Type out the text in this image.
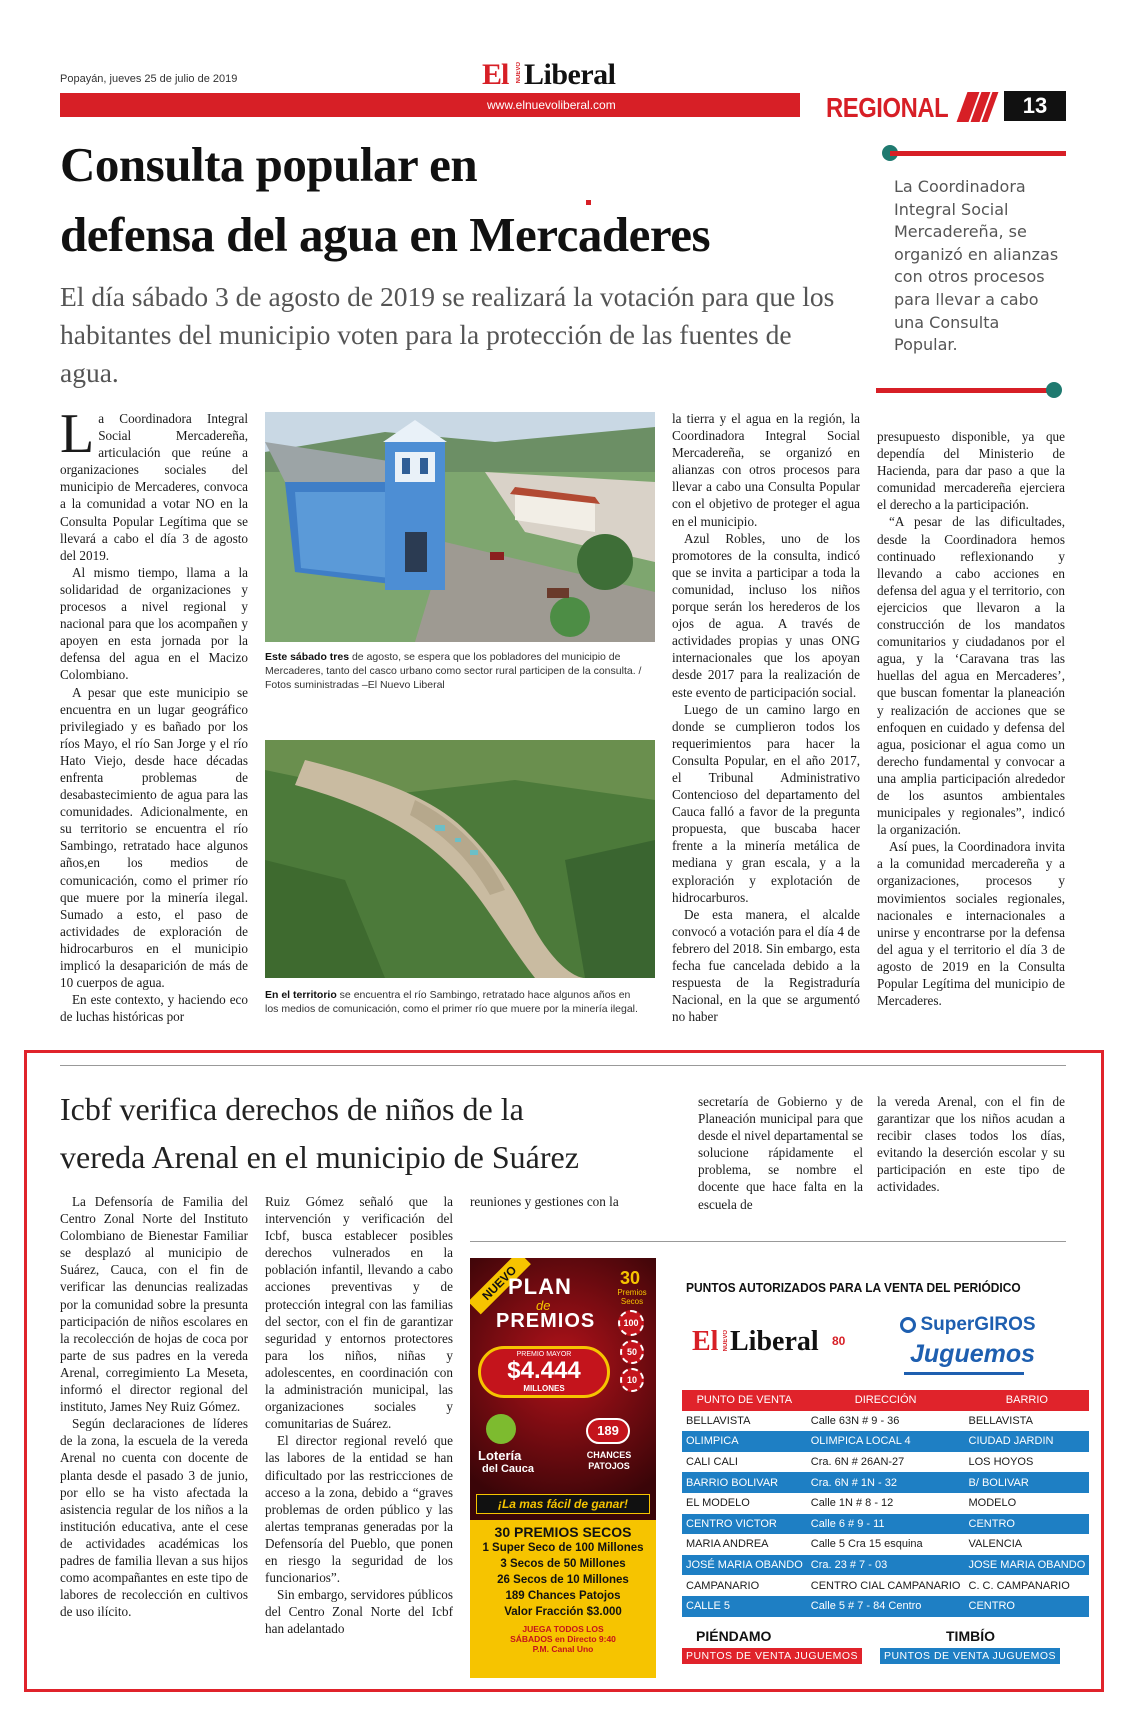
Popayán, jueves 25 de julio de 2019	El NUEVO Liberal
www.elnuevoliberal.com	REGIONAL	13
Consulta popular en
defensa del agua en Mercaderes
El día sábado 3 de agosto de 2019 se realizará la votación para que los habitantes del municipio voten para la protección de las fuentes de agua.
La Coordinadora Integral Social Mercadereña, se organizó en alianzas con otros procesos para llevar a cabo una Consulta Popular.

La Coordinadora Integral Social Mercadereña, articulación que reúne a organizaciones sociales del municipio de Mercaderes, convoca a la comunidad a votar NO en la Consulta Popular Legítima que se llevará a cabo el día 3 de agosto del 2019.

Al mismo tiempo, llama a la solidaridad de organizaciones y procesos a nivel regional y nacional para que los acompañen y apoyen en esta jornada por la defensa del agua en el Macizo Colombiano.

A pesar que este municipio se encuentra en un lugar geográfico privilegiado y es bañado por los ríos Mayo, el río San Jorge y el río Hato Viejo, desde hace décadas enfrenta problemas de desabastecimiento de agua para las comunidades. Adicionalmente, en su territorio se encuentra el río Sambingo, retratado hace algunos años,en los medios de comunicación, como el primer río que muere por la minería ilegal. Sumado a esto, el paso de actividades de exploración de hidrocarburos en el municipio implicó la desaparición de más de 10 cuerpos de agua.

En este contexto, y haciendo eco de luchas históricas por

Este sábado tres de agosto, se espera que los pobladores del municipio de Mercaderes, tanto del casco urbano como sector rural participen de la consulta. / Fotos suministradas –El Nuevo Liberal
En el territorio se encuentra el río Sambingo, retratado hace algunos años en los medios de comunicación, como el primer río que muere por la minería ilegal.

la tierra y el agua en la región, la Coordinadora Integral Social Mercadereña, se organizó en alianzas con otros procesos para llevar a cabo una Consulta Popular con el objetivo de proteger el agua en el municipio.

Azul Robles, uno de los promotores de la consulta, indicó que se invita a participar a toda la comunidad, incluso los niños porque serán los herederos de los ojos de agua. A través de actividades propias y unas ONG internacionales que los apoyan desde 2017 para la realización de este evento de participación social.

Luego de un camino largo en donde se cumplieron todos los requerimientos para hacer la Consulta Popular, en el año 2017, el Tribunal Administrativo Contencioso del departamento del Cauca falló a favor de la pregunta propuesta, que buscaba hacer frente a la minería metálica de mediana y gran escala, y a la exploración y explotación de hidrocarburos.

De esta manera, el alcalde convocó a votación para el día 4 de febrero del 2018. Sin embargo, esta fecha fue cancelada debido a la respuesta de la Registraduría Nacional, en la que se argumentó no haber

presupuesto disponible, ya que dependía del Ministerio de Hacienda, para dar paso a que la comunidad mercadereña ejerciera el derecho a la participación.

“A pesar de las dificultades, desde la Coordinadora hemos continuado reflexionando y llevando a cabo acciones en defensa del agua y el territorio, con ejercicios que llevaron a la construcción de los mandatos comunitarios y ciudadanos por el agua, y la ‘Caravana tras las huellas del agua en Mercaderes’, que buscan fomentar la planeación y realización de acciones que se enfoquen en cuidado y defensa del agua, posicionar el agua como un derecho fundamental y convocar a una amplia participación alrededor de los asuntos ambientales municipales y regionales”, indicó la organización.

Así pues, la Coordinadora invita a la comunidad mercadereña y a organizaciones, procesos y movimientos sociales regionales, nacionales e internacionales a unirse y encontrarse por la defensa del agua y el territorio el día 3 de agosto de 2019 en la Consulta Popular Legítima del municipio de Mercaderes.

Icbf verifica derechos de niños de la
vereda Arenal en el municipio de Suárez

La Defensoría de Familia del Centro Zonal Norte del Instituto Colombiano de Bienestar Familiar se desplazó al municipio de Suárez, Cauca, con el fin de verificar las denuncias realizadas por la comunidad sobre la presunta participación de niños escolares en la recolección de hojas de coca por parte de sus padres en la vereda Arenal, corregimiento La Meseta, informó el director regional del instituto, James Ney Ruiz Gómez.

Según declaraciones de líderes de la zona, la escuela de la vereda Arenal no cuenta con docente de planta desde el pasado 3 de junio, por ello se ha visto afectada la asistencia regular de los niños a la institución educativa, ante el cese de actividades académicas los padres de familia llevan a sus hijos como acompañantes en este tipo de labores de recolección en cultivos de uso ilícito.

Ruiz Gómez señaló que la intervención y verificación del Icbf, busca establecer posibles derechos vulnerados en la población infantil, llevando a cabo acciones preventivas y de protección integral con las familias del sector, con el fin de garantizar seguridad y entornos protectores para los niños, niñas y adolescentes, en coordinación con la administración municipal, las organizaciones sociales y comunitarias de Suárez.

El director regional reveló que las labores de la entidad se han dificultado por las restricciones de acceso a la zona, debido a “graves problemas de orden público y las alertas tempranas generadas por la Defensoría del Pueblo, que ponen en riesgo la seguridad de los funcionarios”.

Sin embargo, servidores públicos del Centro Zonal Norte del Icbf han adelantado

reuniones y gestiones con la

secretaría de Gobierno y de Planeación municipal para que desde el nivel departamental se solucione rápidamente el problema, se nombre el docente que hace falta en la escuela de

la vereda Arenal, con el fin de garantizar que los niños acudan a recibir clases todos los días, evitando la deserción escolar y su participación en este tipo de actividades.

NUEVO
PLAN
de
PREMIOS
30
Premios Secos
100
50
10
PREMIO MAYOR
$4.444
MILLONES
Lotería
del Cauca
189
CHANCES PATOJOS
¡La mas fácil de ganar!
30 PREMIOS SECOS
1 Super Seco de 100 Millones
3 Secos de 50 Millones
26 Secos de 10 Millones
189 Chances Patojos
Valor Fracción $3.000
JUEGA TODOS LOS SÁBADOS en Directo 9:40 P.M. Canal Uno
PUNTOS AUTORIZADOS PARA LA VENTA DEL PERIÓDICO
El NUEVO Liberal 80
SuperGIROS
Juguemos
PUNTO DE VENTA	DIRECCIÓN	BARRIO
BELLAVISTA	Calle 63N # 9 - 36	BELLAVISTA
OLIMPICA	OLIMPICA LOCAL 4	CIUDAD JARDIN
CALI CALI	Cra. 6N # 26AN-27	LOS HOYOS
BARRIO BOLIVAR	Cra. 6N # 1N - 32	B/ BOLIVAR
EL MODELO	Calle 1N # 8 - 12	MODELO
CENTRO VICTOR	Calle 6 # 9 - 11	CENTRO
MARIA ANDREA	Calle 5 Cra 15 esquina	VALENCIA
JOSÉ MARIA OBANDO	Cra. 23 # 7 - 03	JOSE MARIA OBANDO
CAMPANARIO	CENTRO CIAL CAMPANARIO	C. C. CAMPANARIO
CALLE 5	Calle 5 # 7 - 84 Centro	CENTRO
PIÉNDAMO
PUNTOS DE VENTA JUGUEMOS
TIMBÍO
PUNTOS DE VENTA JUGUEMOS
